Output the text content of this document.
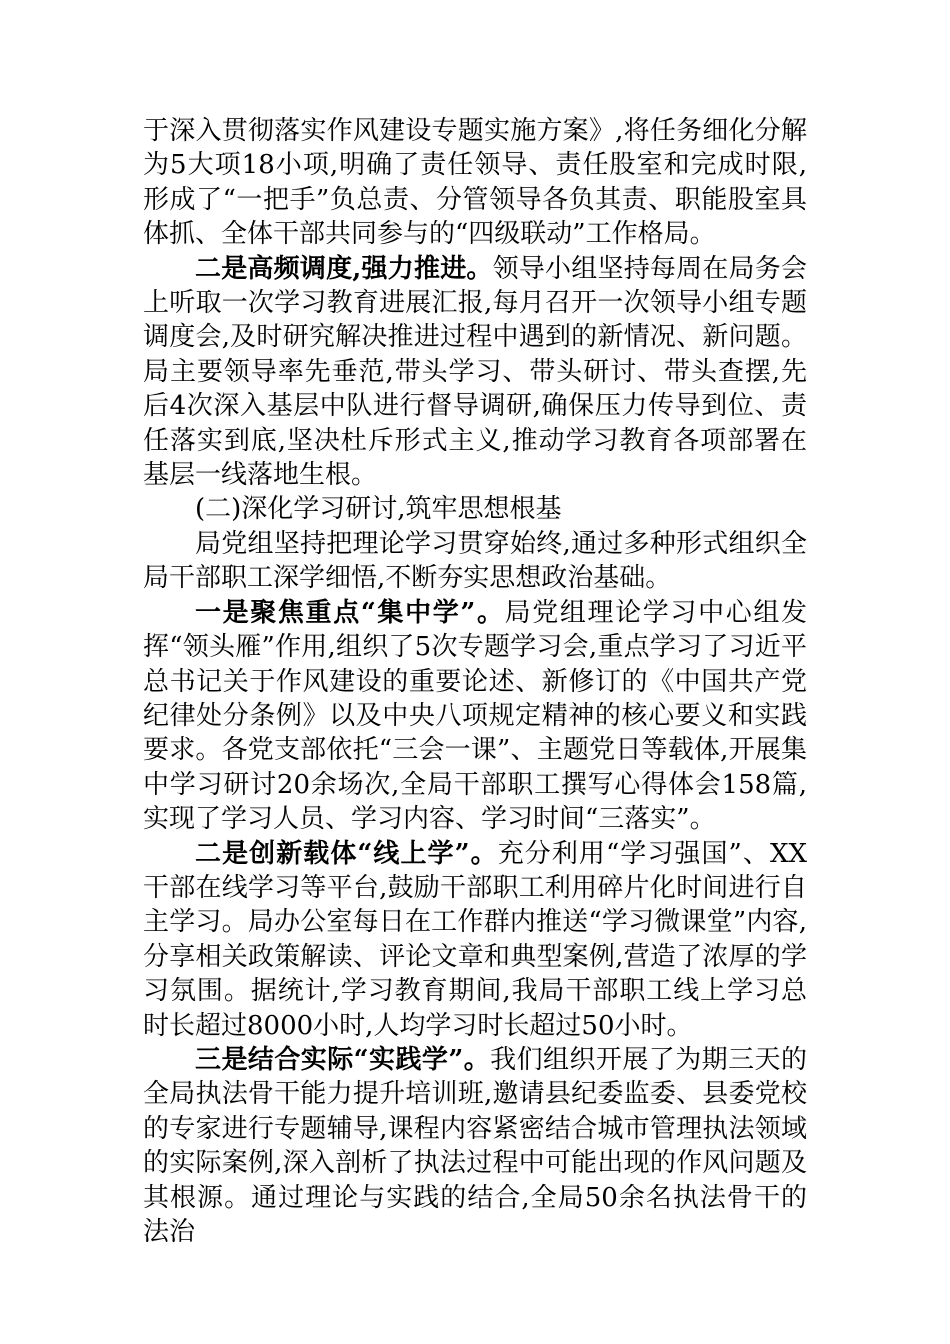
于深入贯彻落实作风建设专题实施方案》,将任务细化分解为5大项18小项,明确了责任领导、责任股室和完成时限,形成了“一把手”负总责、分管领导各负其责、职能股室具体抓、全体干部共同参与的“四级联动”工作格局。

二是高频调度,强力推进。领导小组坚持每周在局务会上听取一次学习教育进展汇报,每月召开一次领导小组专题调度会,及时研究解决推进过程中遇到的新情况、新问题。局主要领导率先垂范,带头学习、带头研讨、带头查摆,先后4次深入基层中队进行督导调研,确保压力传导到位、责任落实到底,坚决杜斥形式主义,推动学习教育各项部署在基层一线落地生根。

(二)深化学习研讨,筑牢思想根基

局党组坚持把理论学习贯穿始终,通过多种形式组织全局干部职工深学细悟,不断夯实思想政治基础。

一是聚焦重点“集中学”。局党组理论学习中心组发挥“领头雁”作用,组织了5次专题学习会,重点学习了习近平总书记关于作风建设的重要论述、新修订的《中国共产党纪律处分条例》以及中央八项规定精神的核心要义和实践要求。各党支部依托“三会一课”、主题党日等载体,开展集中学习研讨20余场次,全局干部职工撰写心得体会158篇,实现了学习人员、学习内容、学习时间“三落实”。

二是创新载体“线上学”。充分利用“学习强国”、XX干部在线学习等平台,鼓励干部职工利用碎片化时间进行自主学习。局办公室每日在工作群内推送“学习微课堂”内容,分享相关政策解读、评论文章和典型案例,营造了浓厚的学习氛围。据统计,学习教育期间,我局干部职工线上学习总时长超过8000小时,人均学习时长超过50小时。

三是结合实际“实践学”。我们组织开展了为期三天的全局执法骨干能力提升培训班,邀请县纪委监委、县委党校的专家进行专题辅导,课程内容紧密结合城市管理执法领域的实际案例,深入剖析了执法过程中可能出现的作风问题及其根源。通过理论与实践的结合,全局50余名执法骨干的法治
